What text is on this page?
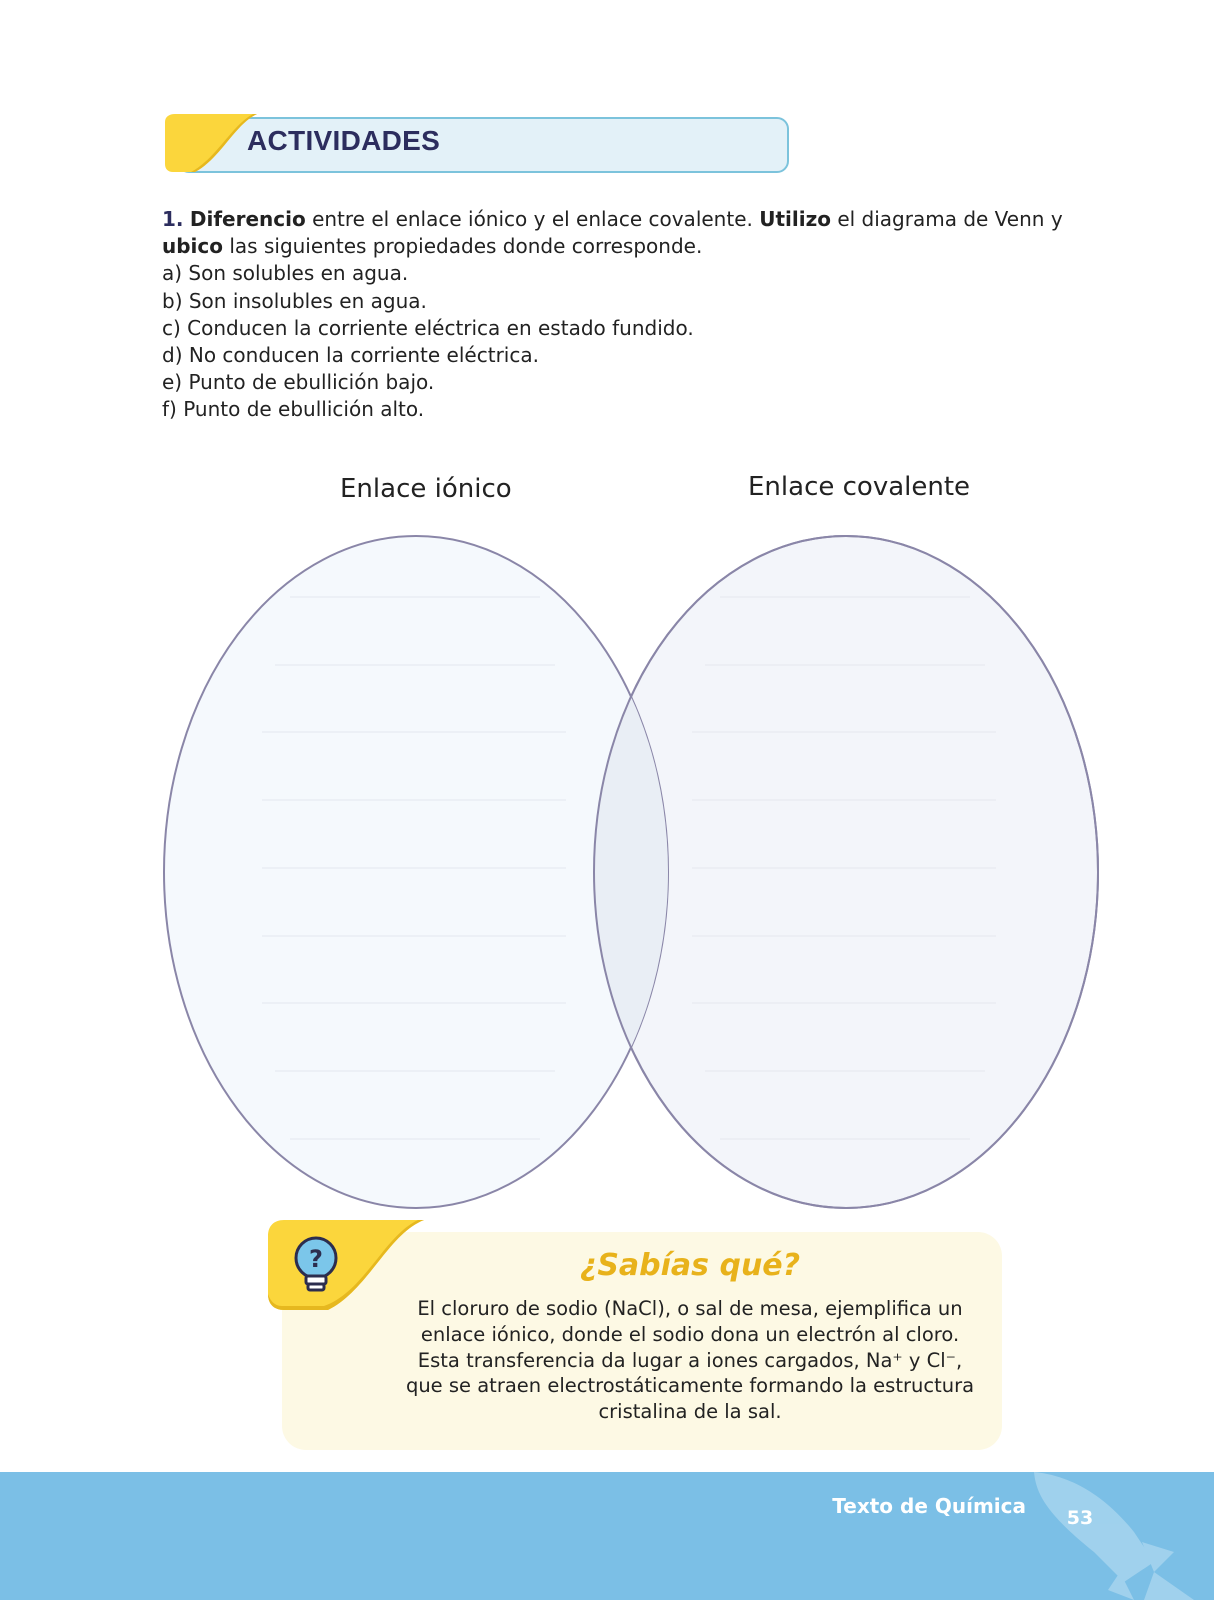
ACTIVIDADES

1. Diferencio entre el enlace iónico y el enlace covalente. Utilizo el diagrama de Venn y ubico las siguientes propiedades donde corresponde.

a) Son solubles en agua.

b) Son insolubles en agua.

c) Conducen la corriente eléctrica en estado fundido.

d) No conducen la corriente eléctrica.

e) Punto de ebullición bajo.

f) Punto de ebullición alto.

Enlace iónico	Enlace covalente
?	¿Sabías qué?

El cloruro de sodio (NaCl), o sal de mesa, ejemplifica un

enlace iónico, donde el sodio dona un electrón al cloro.

Esta transferencia da lugar a iones cargados, Na⁺ y Cl⁻,

que se atraen electrostáticamente formando la estructura

cristalina de la sal.

Texto de Química	53
